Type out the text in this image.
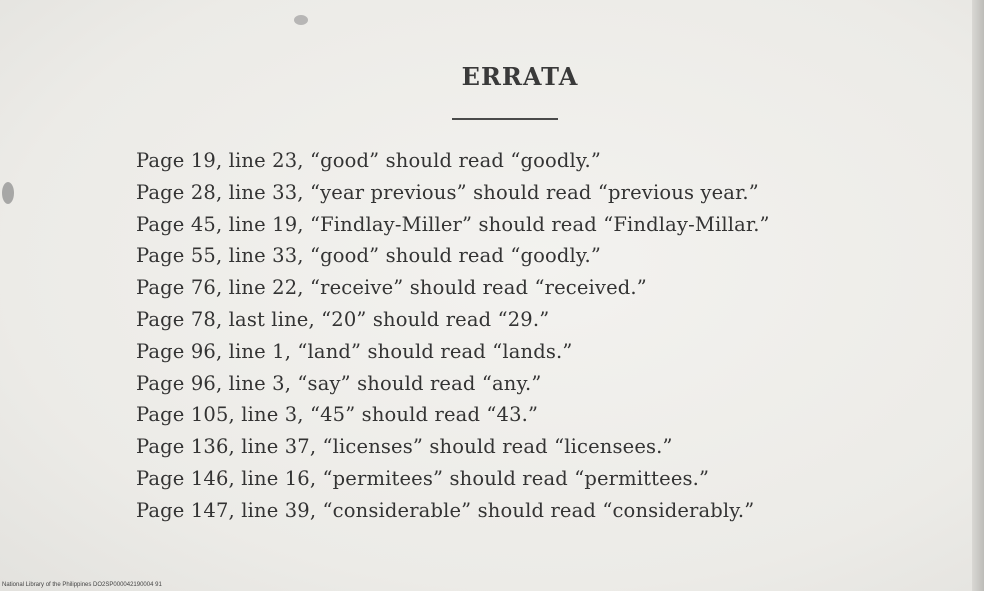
ERRATA
Page 19, line 23, “good” should read “goodly.”
Page 28, line 33, “year previous” should read “previous year.”
Page 45, line 19, “Findlay-Miller” should read “Findlay-Millar.”
Page 55, line 33, “good” should read “goodly.”
Page 76, line 22, “receive” should read “received.”
Page 78, last line, “20” should read “29.”
Page 96, line 1, “land” should read “lands.”
Page 96, line 3, “say” should read “any.”
Page 105, line 3, “45” should read “43.”
Page 136, line 37, “licenses” should read “licensees.”
Page 146, line 16, “permitees” should read “permittees.”
Page 147, line 39, “considerable” should read “considerably.”
National Library of the Philippines DO2SP000042190004 91
